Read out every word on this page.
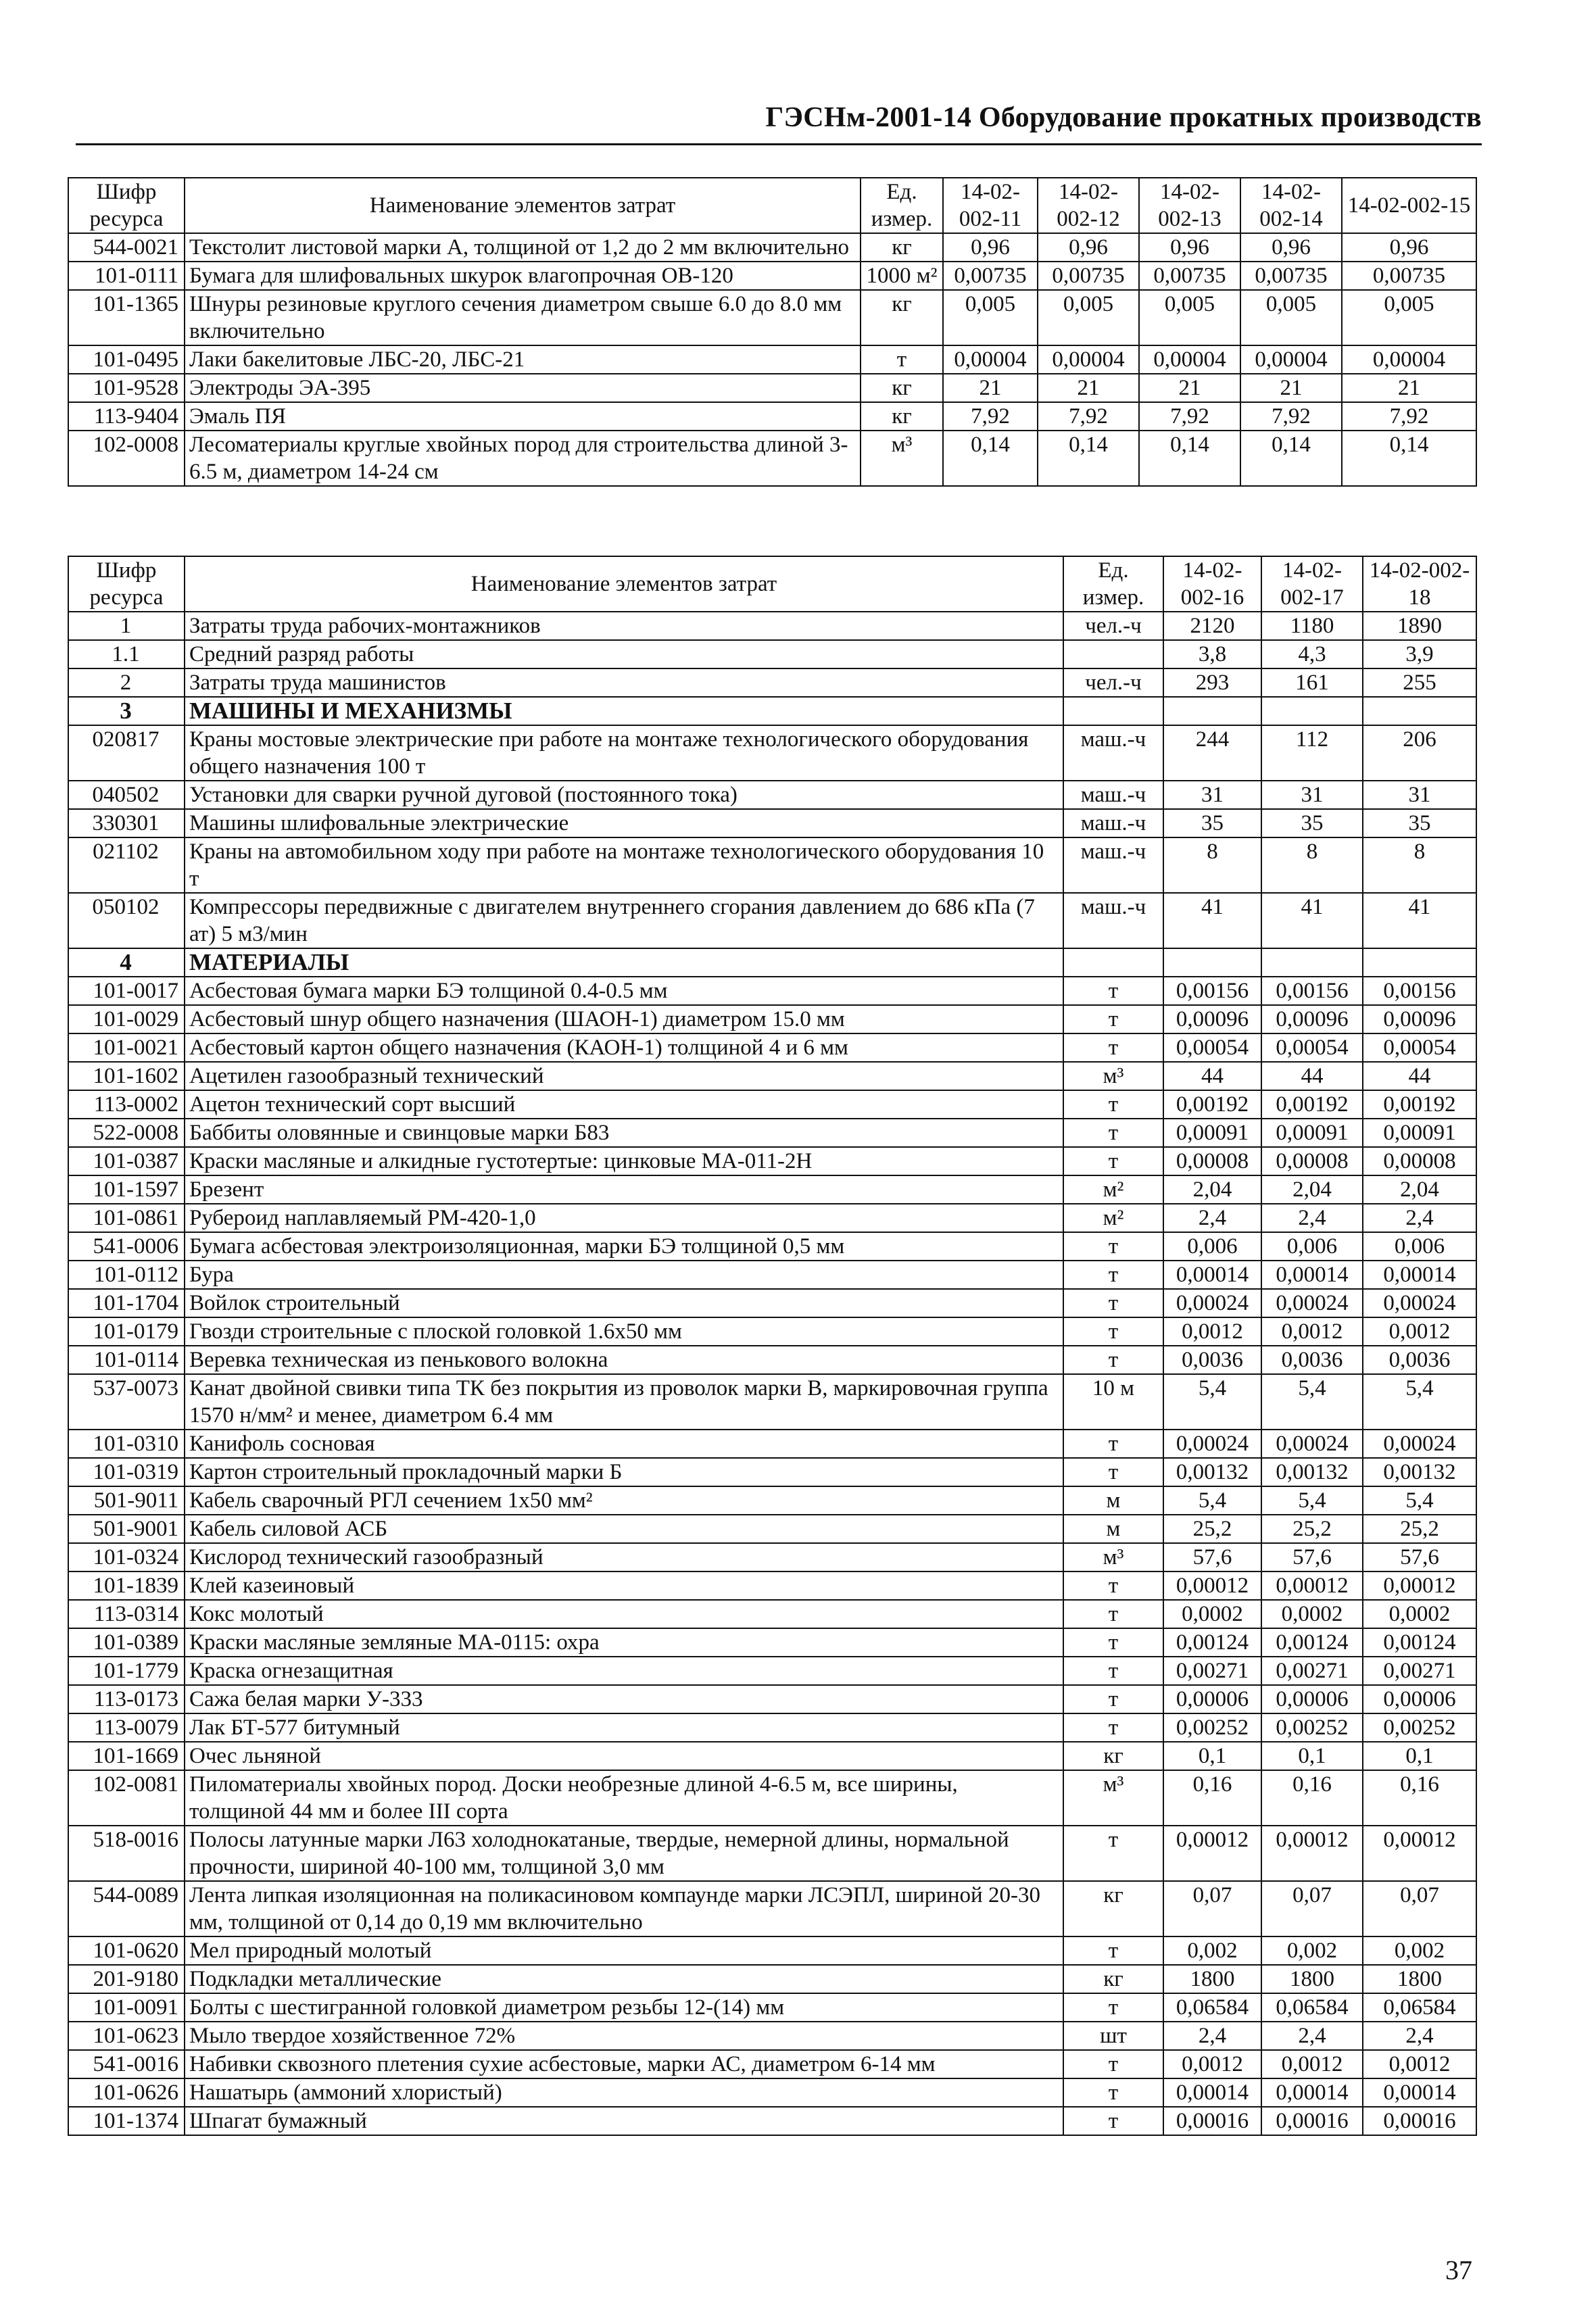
ГЭСНм-2001-14 Оборудование прокатных производств
Шифр ресурса	Наименование элементов затрат	Ед. измер.	14-02-002-11	14-02-002-12	14-02-002-13	14-02-002-14	14-02-002-15
544-0021	Текстолит листовой марки А, толщиной от 1,2 до 2 мм включительно	кг	0,96	0,96	0,96	0,96	0,96
101-0111	Бумага для шлифовальных шкурок влагопрочная ОВ-120	1000 м²	0,00735	0,00735	0,00735	0,00735	0,00735
101-1365	Шнуры резиновые круглого сечения диаметром свыше 6.0 до 8.0 мм включительно	кг	0,005	0,005	0,005	0,005	0,005
101-0495	Лаки бакелитовые ЛБС-20, ЛБС-21	т	0,00004	0,00004	0,00004	0,00004	0,00004
101-9528	Электроды ЭА-395	кг	21	21	21	21	21
113-9404	Эмаль ПЯ	кг	7,92	7,92	7,92	7,92	7,92
102-0008	Лесоматериалы круглые хвойных пород для строительства длиной 3-6.5 м, диаметром 14-24 см	м³	0,14	0,14	0,14	0,14	0,14
Шифр ресурса	Наименование элементов затрат	Ед. измер.	14-02-002-16	14-02-002-17	14-02-002-18
1	Затраты труда рабочих-монтажников	чел.-ч	2120	1180	1890
1.1	Средний разряд работы		3,8	4,3	3,9
2	Затраты труда машинистов	чел.-ч	293	161	255
3	МАШИНЫ И МЕХАНИЗМЫ				
020817	Краны мостовые электрические при работе на монтаже технологического оборудования общего назначения 100 т	маш.-ч	244	112	206
040502	Установки для сварки ручной дуговой (постоянного тока)	маш.-ч	31	31	31
330301	Машины шлифовальные электрические	маш.-ч	35	35	35
021102	Краны на автомобильном ходу при работе на монтаже технологического оборудования 10 т	маш.-ч	8	8	8
050102	Компрессоры передвижные с двигателем внутреннего сгорания давлением до 686 кПа (7 ат) 5 м3/мин	маш.-ч	41	41	41
4	МАТЕРИАЛЫ				
101-0017	Асбестовая бумага марки БЭ толщиной 0.4-0.5 мм	т	0,00156	0,00156	0,00156
101-0029	Асбестовый шнур общего назначения (ШАОН-1) диаметром 15.0 мм	т	0,00096	0,00096	0,00096
101-0021	Асбестовый картон общего назначения (КАОН-1) толщиной 4 и 6 мм	т	0,00054	0,00054	0,00054
101-1602	Ацетилен газообразный технический	м³	44	44	44
113-0002	Ацетон технический сорт высший	т	0,00192	0,00192	0,00192
522-0008	Баббиты оловянные и свинцовые марки Б83	т	0,00091	0,00091	0,00091
101-0387	Краски масляные и алкидные густотертые: цинковые МА-011-2Н	т	0,00008	0,00008	0,00008
101-1597	Брезент	м²	2,04	2,04	2,04
101-0861	Рубероид наплавляемый РМ-420-1,0	м²	2,4	2,4	2,4
541-0006	Бумага асбестовая электроизоляционная, марки БЭ толщиной 0,5 мм	т	0,006	0,006	0,006
101-0112	Бура	т	0,00014	0,00014	0,00014
101-1704	Войлок строительный	т	0,00024	0,00024	0,00024
101-0179	Гвозди строительные с плоской головкой 1.6х50 мм	т	0,0012	0,0012	0,0012
101-0114	Веревка техническая из пенькового волокна	т	0,0036	0,0036	0,0036
537-0073	Канат двойной свивки типа ТК без покрытия из проволок марки В, маркировочная группа 1570 н/мм² и менее, диаметром 6.4 мм	10 м	5,4	5,4	5,4
101-0310	Канифоль сосновая	т	0,00024	0,00024	0,00024
101-0319	Картон строительный прокладочный марки Б	т	0,00132	0,00132	0,00132
501-9011	Кабель сварочный РГЛ сечением 1х50 мм²	м	5,4	5,4	5,4
501-9001	Кабель силовой АСБ	м	25,2	25,2	25,2
101-0324	Кислород технический газообразный	м³	57,6	57,6	57,6
101-1839	Клей казеиновый	т	0,00012	0,00012	0,00012
113-0314	Кокс молотый	т	0,0002	0,0002	0,0002
101-0389	Краски масляные земляные МА-0115: охра	т	0,00124	0,00124	0,00124
101-1779	Краска огнезащитная	т	0,00271	0,00271	0,00271
113-0173	Сажа белая марки У-333	т	0,00006	0,00006	0,00006
113-0079	Лак БТ-577 битумный	т	0,00252	0,00252	0,00252
101-1669	Очес льняной	кг	0,1	0,1	0,1
102-0081	Пиломатериалы хвойных пород. Доски необрезные длиной 4-6.5 м, все ширины, толщиной 44 мм и более III сорта	м³	0,16	0,16	0,16
518-0016	Полосы латунные марки Л63 холоднокатаные, твердые, немерной длины, нормальной прочности, шириной 40-100 мм, толщиной 3,0 мм	т	0,00012	0,00012	0,00012
544-0089	Лента липкая изоляционная на поликасиновом компаунде марки ЛСЭПЛ, шириной 20-30 мм, толщиной от 0,14 до 0,19 мм включительно	кг	0,07	0,07	0,07
101-0620	Мел природный молотый	т	0,002	0,002	0,002
201-9180	Подкладки металлические	кг	1800	1800	1800
101-0091	Болты с шестигранной головкой диаметром резьбы 12-(14) мм	т	0,06584	0,06584	0,06584
101-0623	Мыло твердое хозяйственное 72%	шт	2,4	2,4	2,4
541-0016	Набивки сквозного плетения сухие асбестовые, марки АС, диаметром 6-14 мм	т	0,0012	0,0012	0,0012
101-0626	Нашатырь (аммоний хлористый)	т	0,00014	0,00014	0,00014
101-1374	Шпагат бумажный	т	0,00016	0,00016	0,00016
37
